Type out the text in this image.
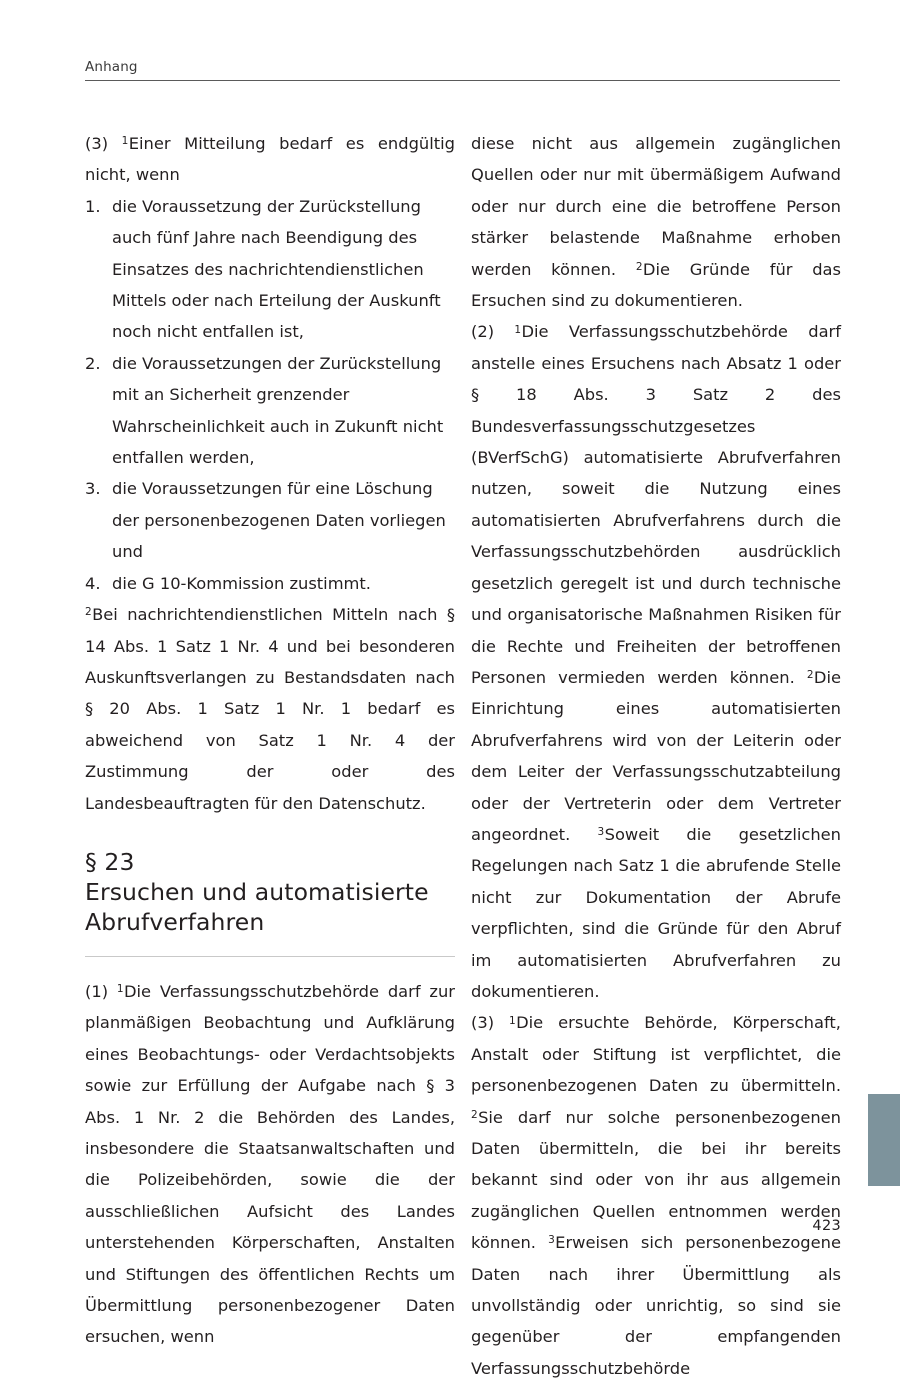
Anhang

(3) $^1$Einer Mitteilung bedarf es endgültig nicht, wenn

1. die Voraussetzung der Zurückstellung auch fünf Jahre nach Beendigung des Einsatzes des nachrichtendienstlichen Mittels oder nach Erteilung der Auskunft noch nicht entfallen ist,
2. die Voraussetzungen der Zurückstellung mit an Sicherheit grenzender Wahrscheinlichkeit auch in Zukunft nicht entfallen werden,
3. die Voraussetzungen für eine Löschung der personenbezogenen Daten vorliegen und
4. die G 10-Kommission zustimmt.

$^2$Bei nachrichtendienstlichen Mitteln nach § 14 Abs. 1 Satz 1 Nr. 4 und bei besonderen Auskunftsverlangen zu Bestandsdaten nach § 20 Abs. 1 Satz 1 Nr. 1 bedarf es abweichend von Satz 1 Nr. 4 der Zustimmung der oder des Landesbeauftragten für den Datenschutz.

§ 23
Ersuchen und automatisierte Abrufverfahren

(1) $^1$Die Verfassungsschutzbehörde darf zur planmäßigen Beobachtung und Aufklärung eines Beobachtungs- oder Verdachtsobjekts sowie zur Erfüllung der Aufgabe nach § 3 Abs. 1 Nr. 2 die Behörden des Landes, insbesondere die Staatsanwaltschaften und die Polizeibehörden, sowie die der ausschließlichen Aufsicht des Landes unterstehenden Körperschaften, Anstalten und Stiftungen des öffentlichen Rechts um Übermittlung personenbezogener Daten ersuchen, wenn

diese nicht aus allgemein zugänglichen Quellen oder nur mit übermäßigem Aufwand oder nur durch eine die betroffene Person stärker belastende Maßnahme erhoben werden können. $^2$Die Gründe für das Ersuchen sind zu dokumentieren.

(2) $^1$Die Verfassungsschutzbehörde darf anstelle eines Ersuchens nach Absatz 1 oder § 18 Abs. 3 Satz 2 des Bundesverfassungsschutzgesetzes (BVerfSchG) automatisierte Abrufverfahren nutzen, soweit die Nutzung eines automatisierten Abrufverfahrens durch die Verfassungsschutzbehörden ausdrücklich gesetzlich geregelt ist und durch technische und organisatorische Maßnahmen Risiken für die Rechte und Freiheiten der betroffenen Personen vermieden werden können. $^2$Die Einrichtung eines automatisierten Abrufverfahrens wird von der Leiterin oder dem Leiter der Verfassungsschutzabteilung oder der Vertreterin oder dem Vertreter angeordnet. $^3$Soweit die gesetzlichen Regelungen nach Satz 1 die abrufende Stelle nicht zur Dokumentation der Abrufe verpflichten, sind die Gründe für den Abruf im automatisierten Abrufverfahren zu dokumentieren.

(3) $^1$Die ersuchte Behörde, Körperschaft, Anstalt oder Stiftung ist verpflichtet, die personenbezogenen Daten zu übermitteln. $^2$Sie darf nur solche personenbezogenen Daten übermitteln, die bei ihr bereits bekannt sind oder von ihr aus allgemein zugänglichen Quellen entnommen werden können. $^3$Erweisen sich personenbezogene Daten nach ihrer Übermittlung als unvollständig oder unrichtig, so sind sie gegenüber der empfangenden Verfassungsschutzbehörde

423
